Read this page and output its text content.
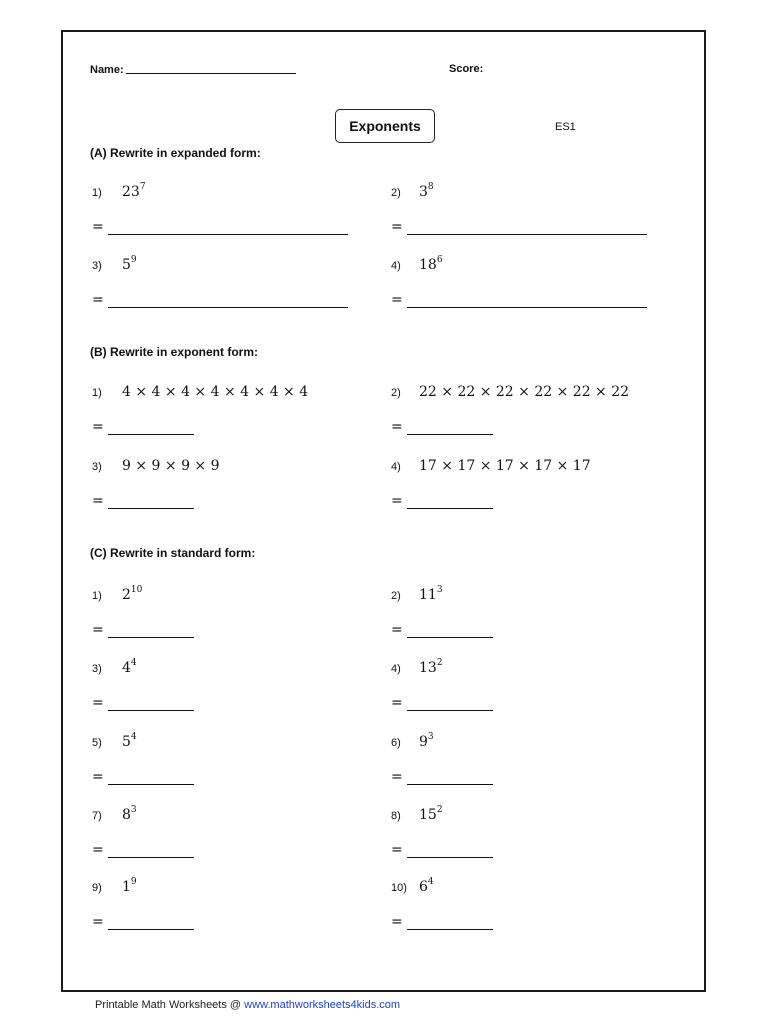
Name:	Score:
Exponents	ES1
(A) Rewrite in expanded form:
1) $23^7$
=
2) $3^8$
=
3) $5^9$
=
4) $18^6$
=
(B) Rewrite in exponent form:
1) 4 × 4 × 4 × 4 × 4 × 4 × 4
=
2) 22 × 22 × 22 × 22 × 22 × 22
=
3) 9 × 9 × 9 × 9
=
4) 17 × 17 × 17 × 17 × 17
=
(C) Rewrite in standard form:
1) $2^{10}$
=
2) $11^3$
=
3) $4^4$
=
4) $13^2$
=
5) $5^4$
=
6) $9^3$
=
7) $8^3$
=
8) $15^2$
=
9) $1^9$
=
10) $6^4$
=
Printable Math Worksheets @ www.mathworksheets4kids.com
